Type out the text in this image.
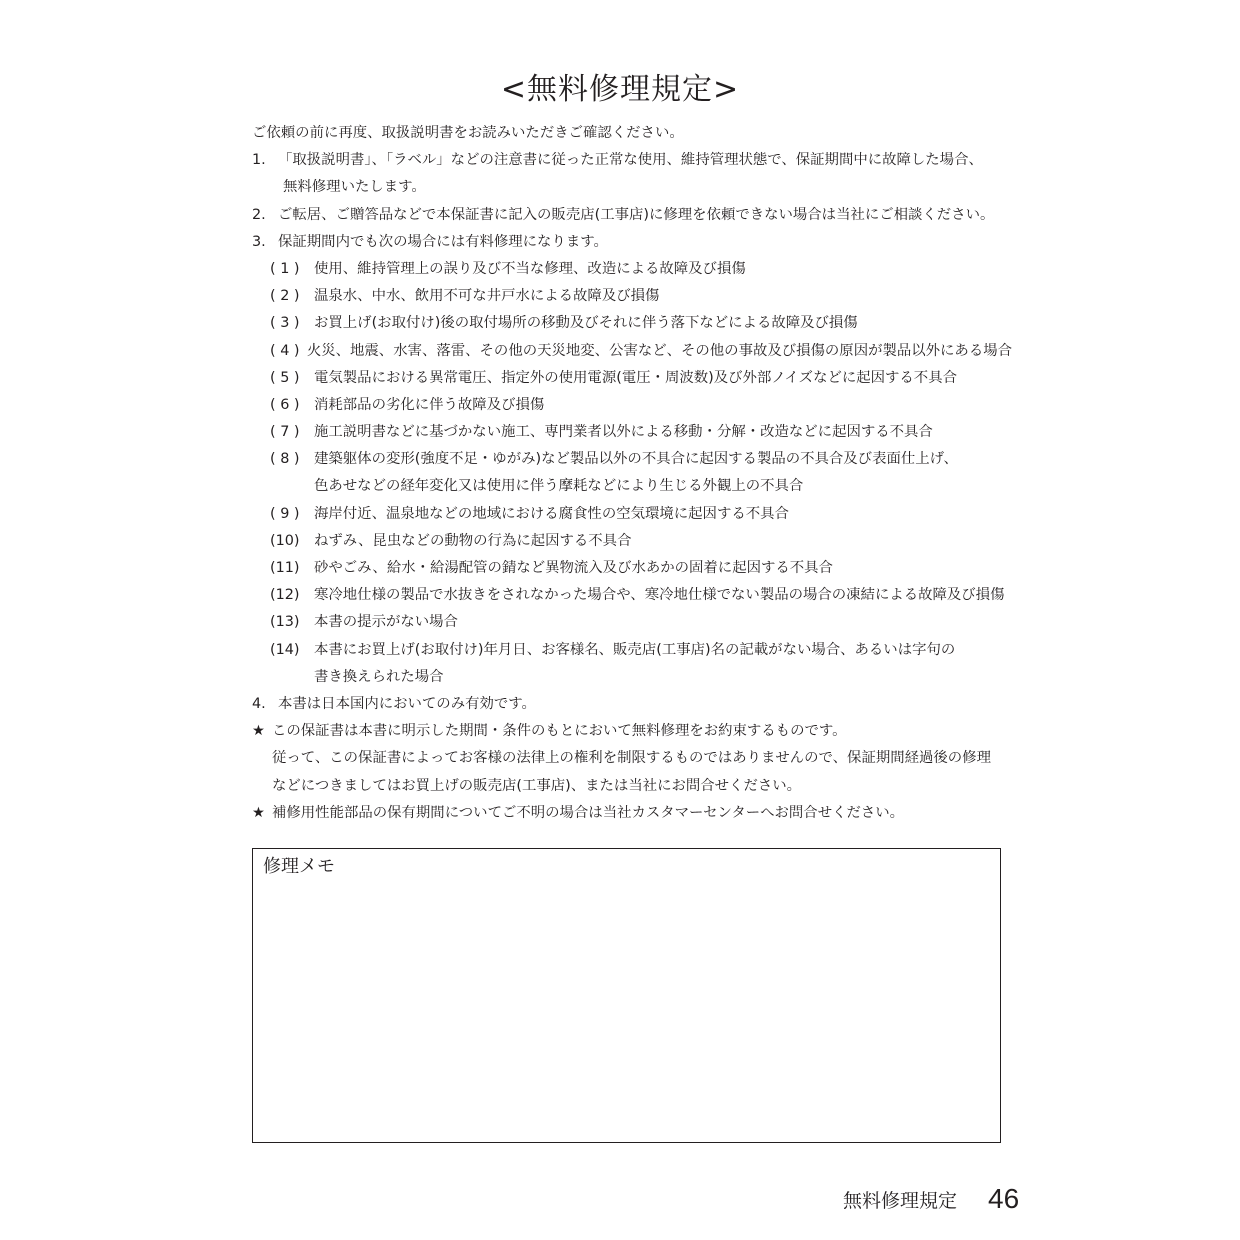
<無料修理規定>
ご依頼の前に再度、取扱説明書をお読みいただきご確認ください。
1. 「取扱説明書」、「ラベル」などの注意書に従った正常な使用、維持管理状態で、保証期間中に故障した場合、
無料修理いたします。
2. ご転居、ご贈答品などで本保証書に記入の販売店(工事店)に修理を依頼できない場合は当社にご相談ください。
3. 保証期間内でも次の場合には有料修理になります。
( 1 )	使用、維持管理上の誤り及び不当な修理、改造による故障及び損傷
( 2 )	温泉水、中水、飲用不可な井戸水による故障及び損傷
( 3 )	お買上げ(お取付け)後の取付場所の移動及びそれに伴う落下などによる故障及び損傷
( 4 ) 火災、地震、水害、落雷、その他の天災地変、公害など、その他の事故及び損傷の原因が製品以外にある場合
( 5 )	電気製品における異常電圧、指定外の使用電源(電圧・周波数)及び外部ノイズなどに起因する不具合
( 6 )	消耗部品の劣化に伴う故障及び損傷
( 7 )	施工説明書などに基づかない施工、専門業者以外による移動・分解・改造などに起因する不具合
( 8 )	建築躯体の変形(強度不足・ゆがみ)など製品以外の不具合に起因する製品の不具合及び表面仕上げ、
色あせなどの経年変化又は使用に伴う摩耗などにより生じる外観上の不具合
( 9 )	海岸付近、温泉地などの地域における腐食性の空気環境に起因する不具合
(10)	ねずみ、昆虫などの動物の行為に起因する不具合
(11)	砂やごみ、給水・給湯配管の錆など異物流入及び水あかの固着に起因する不具合
(12)	寒冷地仕様の製品で水抜きをされなかった場合や、寒冷地仕様でない製品の場合の凍結による故障及び損傷
(13)	本書の提示がない場合
(14)	本書にお買上げ(お取付け)年月日、お客様名、販売店(工事店)名の記載がない場合、あるいは字句の
書き換えられた場合
4. 本書は日本国内においてのみ有効です。
★ この保証書は本書に明示した期間・条件のもとにおいて無料修理をお約束するものです。
従って、この保証書によってお客様の法律上の権利を制限するものではありませんので、保証期間経過後の修理
などにつきましてはお買上げの販売店(工事店)、または当社にお問合せください。
★ 補修用性能部品の保有期間についてご不明の場合は当社カスタマーセンターへお問合せください。
修理メモ
無料修理規定 46
